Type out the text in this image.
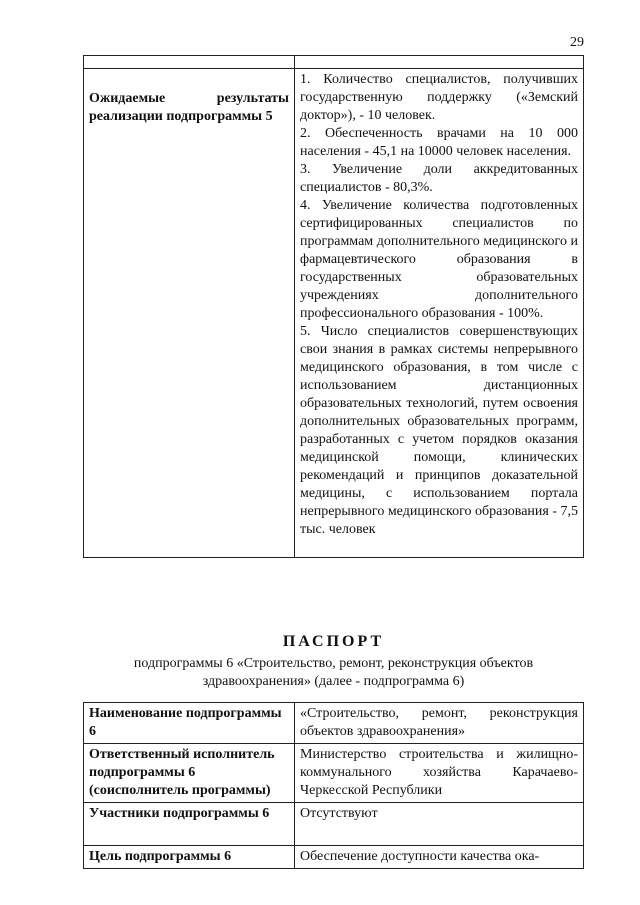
29

Ожидаемые результаты реализации подпрограммы 5	1. Количество специалистов, получивших государственную поддержку («Земский доктор»), - 10 человек.
2. Обеспеченность врачами на 10 000 населения - 45,1 на 10000 человек населения.
3. Увеличение доли аккредитованных специалистов - 80,3%.
4. Увеличение количества подготовленных сертифицированных специалистов по программам дополнительного медицинского и фармацевтического образования в государственных образовательных учреждениях дополнительного профессионального образования - 100%.
5. Число специалистов совершенствующих свои знания в рамках системы непрерывного медицинского образования, в том числе с использованием дистанционных образовательных технологий, путем освоения дополнительных образовательных программ, разработанных с учетом порядков оказания медицинской помощи, клинических рекомендаций и принципов доказательной медицины, с использованием портала непрерывного медицинского образования - 7,5 тыс. человек
ПАСПОРТ
подпрограммы 6 «Строительство, ремонт, реконструкция объектов здравоохранения» (далее - подпрограмма 6)
Наименование подпрограммы 6	«Строительство, ремонт, реконструкция объектов здравоохранения»
Ответственный исполнитель подпрограммы 6 (соисполнитель программы)	Министерство строительства и жилищно-коммунального хозяйства Карачаево-Черкесской Республики
Участники подпрограммы 6	Отсутствуют
Цель подпрограммы 6	Обеспечение доступности качества ока-
